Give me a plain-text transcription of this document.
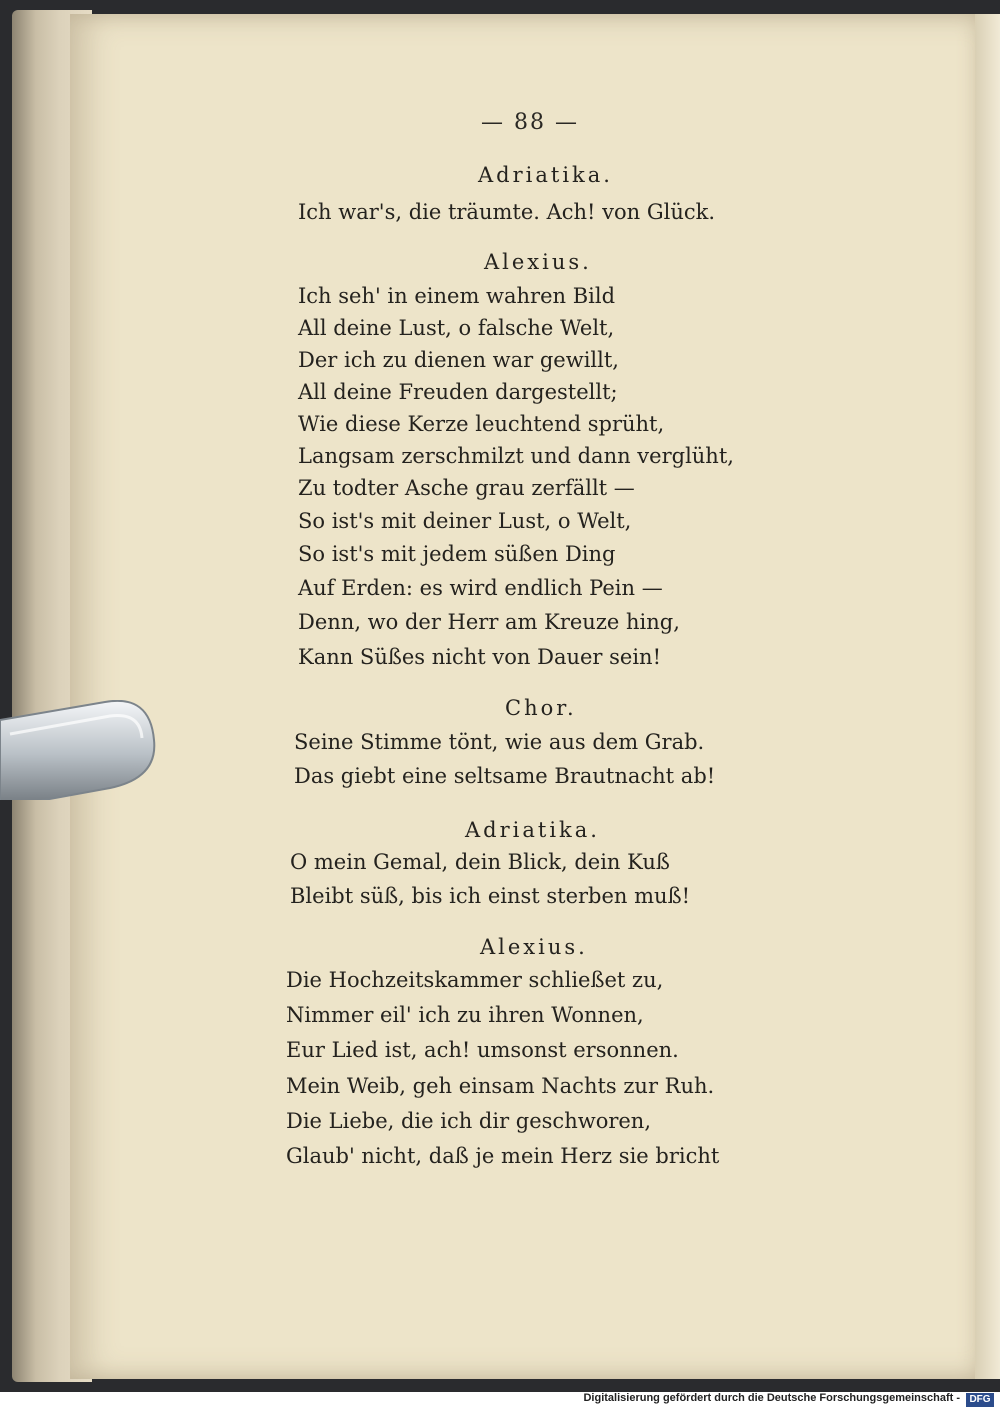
— 88 —
Adriatika.
Ich war's, die träumte. Ach! von Glück.
Alexius.
Ich seh' in einem wahren Bild
All deine Lust, o falsche Welt,
Der ich zu dienen war gewillt,
All deine Freuden dargestellt;
Wie diese Kerze leuchtend sprüht,
Langsam zerschmilzt und dann verglüht,
Zu todter Asche grau zerfällt —
So ist's mit deiner Lust, o Welt,
So ist's mit jedem süßen Ding
Auf Erden: es wird endlich Pein —
Denn, wo der Herr am Kreuze hing,
Kann Süßes nicht von Dauer sein!
Chor.
Seine Stimme tönt, wie aus dem Grab.
Das giebt eine seltsame Brautnacht ab!
Adriatika.
O mein Gemal, dein Blick, dein Kuß
Bleibt süß, bis ich einst sterben muß!
Alexius.
Die Hochzeitskammer schließet zu,
Nimmer eil' ich zu ihren Wonnen,
Eur Lied ist, ach! umsonst ersonnen.
Mein Weib, geh einsam Nachts zur Ruh.
Die Liebe, die ich dir geschworen,
Glaub' nicht, daß je mein Herz sie bricht
Digitalisierung gefördert durch die Deutsche Forschungsgemeinschaft - DFG
